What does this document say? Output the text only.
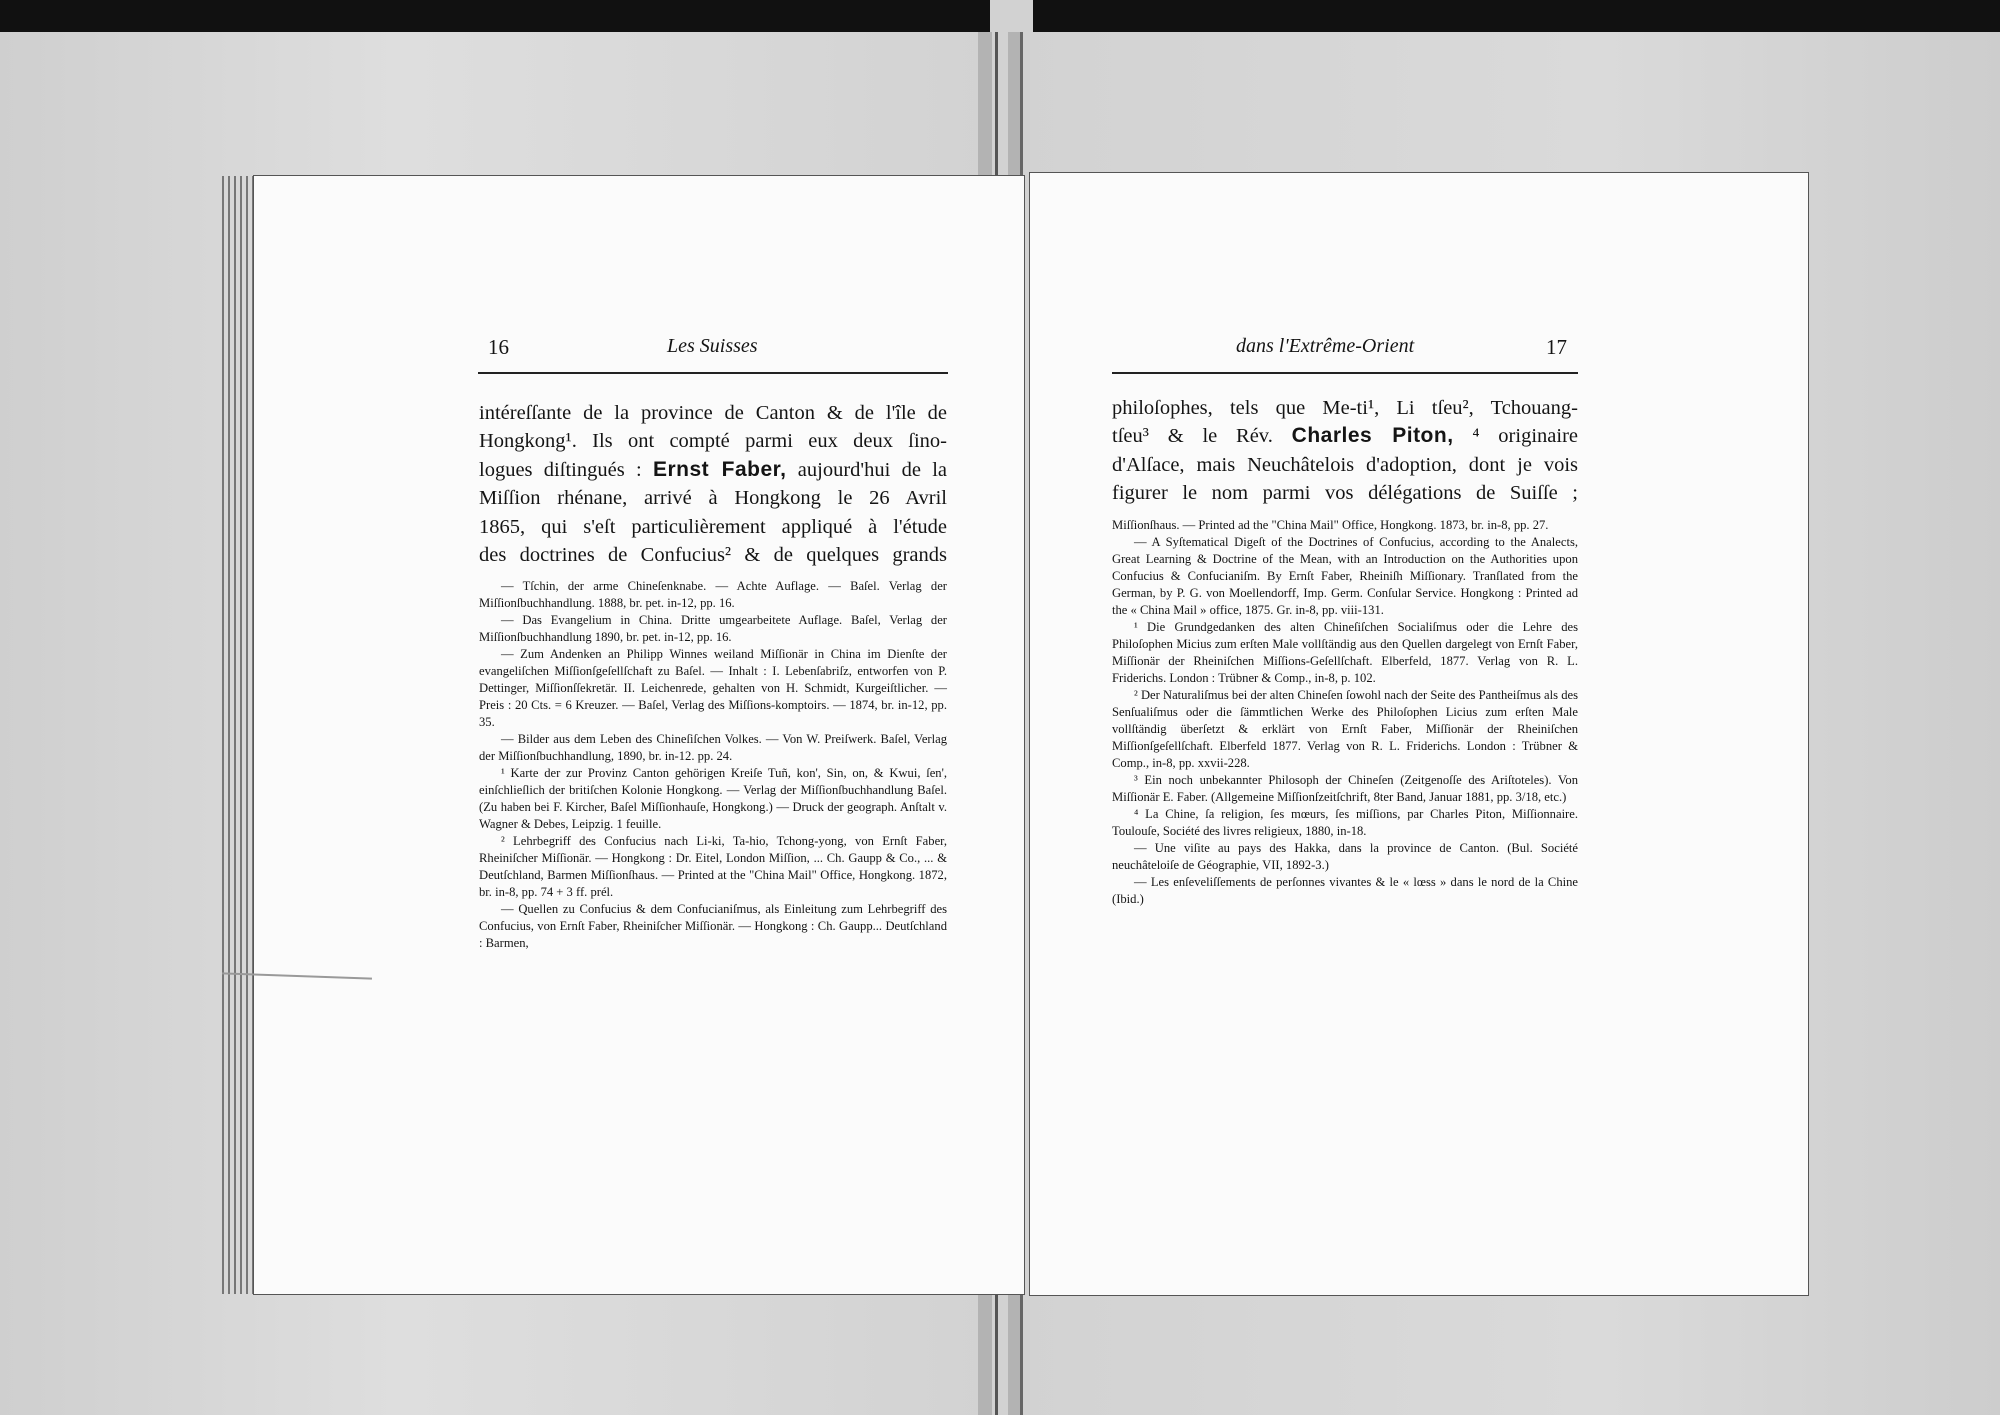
16	Les Suisses
intéreſſante de la province de Canton & de l'île de
Hongkong¹. Ils ont compté parmi eux deux ſino-
logues diſtingués : Ernst Faber, aujourd'hui de la
Miſſion rhénane, arrivé à Hongkong le 26 Avril
1865, qui s'eſt particulièrement appliqué à l'étude
des doctrines de Confucius² & de quelques grands

— Tſchin, der arme Chineſenknabe. — Achte Auflage. — Baſel. Verlag der Miſſionſbuchhandlung. 1888, br. pet. in-12, pp. 16.

— Das Evangelium in China. Dritte umgearbeitete Auflage. Baſel, Verlag der Miſſionſbuchhandlung 1890, br. pet. in-12, pp. 16.

— Zum Andenken an Philipp Winnes weiland Miſſionär in China im Dienſte der evangeliſchen Miſſionſgeſellſchaft zu Baſel. — Inhalt : I. Lebenſabriſz, entworfen von P. Dettinger, Miſſionſſekretär. II. Leichenrede, gehalten von H. Schmidt, Kurgeiſtlicher. — Preis : 20 Cts. = 6 Kreuzer. — Baſel, Verlag des Miſſions-komptoirs. — 1874, br. in-12, pp. 35.

— Bilder aus dem Leben des Chineſiſchen Volkes. — Von W. Preiſwerk. Baſel, Verlag der Miſſionſbuchhandlung, 1890, br. in-12. pp. 24.

¹ Karte der zur Provinz Canton gehörigen Kreiſe Tuñ, kon', Sin, on, & Kwui, ſen', einſchlieſlich der britiſchen Kolonie Hongkong. — Verlag der Miſſionſbuchhandlung Baſel. (Zu haben bei F. Kircher, Baſel Miſſionhauſe, Hongkong.) — Druck der geograph. Anſtalt v. Wagner & Debes, Leipzig. 1 feuille.

² Lehrbegriff des Confucius nach Li-ki, Ta-hio, Tchong-yong, von Ernſt Faber, Rheiniſcher Miſſionär. — Hongkong : Dr. Eitel, London Miſſion, ... Ch. Gaupp & Co., ... & Deutſchland, Barmen Miſſionſhaus. — Printed at the "China Mail" Office, Hongkong. 1872, br. in-8, pp. 74 + 3 ff. prél.

— Quellen zu Confucius & dem Confucianiſmus, als Einleitung zum Lehrbegriff des Confucius, von Ernſt Faber, Rheiniſcher Miſſionär. — Hongkong : Ch. Gaupp... Deutſchland : Barmen,

dans l'Extrême-Orient	17
philoſophes, tels que Me-ti¹, Li tſeu², Tchouang-
tſeu³ & le Rév. Charles Piton, ⁴ originaire
d'Alſace, mais Neuchâtelois d'adoption, dont je vois
figurer le nom parmi vos délégations de Suiſſe ;

Miſſionſhaus. — Printed ad the "China Mail" Office, Hongkong. 1873, br. in-8, pp. 27.

— A Syſtematical Digeſt of the Doctrines of Confucius, according to the Analects, Great Learning & Doctrine of the Mean, with an Introduction on the Authorities upon Confucius & Confucianiſm. By Ernſt Faber, Rheiniſh Miſſionary. Tranſlated from the German, by P. G. von Moellendorff, Imp. Germ. Conſular Service. Hongkong : Printed ad the « China Mail » office, 1875. Gr. in-8, pp. viii-131.

¹ Die Grundgedanken des alten Chineſiſchen Socialiſmus oder die Lehre des Philoſophen Micius zum erſten Male vollſtändig aus den Quellen dargelegt von Ernſt Faber, Miſſionär der Rheiniſchen Miſſions-Geſellſchaft. Elberfeld, 1877. Verlag von R. L. Friderichs. London : Trübner & Comp., in-8, p. 102.

² Der Naturaliſmus bei der alten Chineſen ſowohl nach der Seite des Pantheiſmus als des Senſualiſmus oder die ſämmtlichen Werke des Philoſophen Licius zum erſten Male vollſtändig überſetzt & erklärt von Ernſt Faber, Miſſionär der Rheiniſchen Miſſionſgeſellſchaft. Elberfeld 1877. Verlag von R. L. Friderichs. London : Trübner & Comp., in-8, pp. xxvii-228.

³ Ein noch unbekannter Philosoph der Chineſen (Zeitgenoſſe des Ariſtoteles). Von Miſſionär E. Faber. (Allgemeine Miſſionſzeitſchrift, 8ter Band, Januar 1881, pp. 3/18, etc.)

⁴ La Chine, ſa religion, ſes mœurs, ſes miſſions, par Charles Piton, Miſſionnaire. Toulouſe, Société des livres religieux, 1880, in-18.

— Une viſite au pays des Hakka, dans la province de Canton. (Bul. Société neuchâteloiſe de Géographie, VII, 1892-3.)

— Les enſeveliſſements de perſonnes vivantes & le « lœss » dans le nord de la Chine (Ibid.)
